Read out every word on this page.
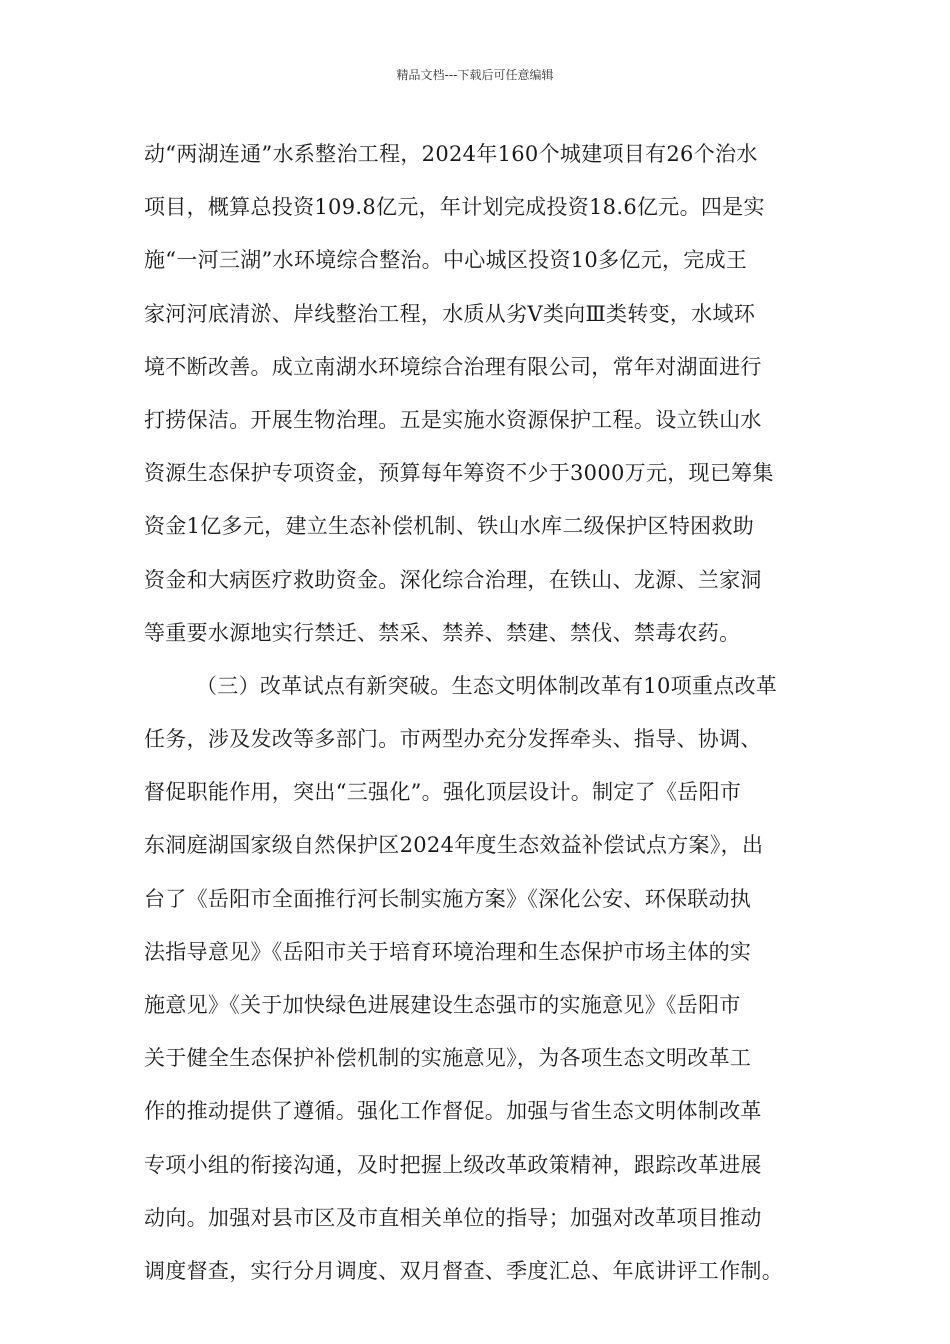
精品文档---下载后可任意编辑
动“两湖连通”水系整治工程，2024年160个城建项目有26个治水
项目，概算总投资109.8亿元，年计划完成投资18.6亿元。四是实
施“一河三湖”水环境综合整治。中心城区投资10多亿元，完成王
家河河底清淤、岸线整治工程，水质从劣Ⅴ类向Ⅲ类转变，水域环
境不断改善。成立南湖水环境综合治理有限公司，常年对湖面进行
打捞保洁。开展生物治理。五是实施水资源保护工程。设立铁山水
资源生态保护专项资金，预算每年筹资不少于3000万元，现已筹集
资金1亿多元，建立生态补偿机制、铁山水库二级保护区特困救助
资金和大病医疗救助资金。深化综合治理，在铁山、龙源、兰家洞
等重要水源地实行禁迁、禁采、禁养、禁建、禁伐、禁毒农药。
（三）改革试点有新突破。生态文明体制改革有10项重点改革
任务，涉及发改等多部门。市两型办充分发挥牵头、指导、协调、
督促职能作用，突出“三强化”。强化顶层设计。制定了《岳阳市
东洞庭湖国家级自然保护区2024年度生态效益补偿试点方案》，出
台了《岳阳市全面推行河长制实施方案》《深化公安、环保联动执
法指导意见》《岳阳市关于培育环境治理和生态保护市场主体的实
施意见》《关于加快绿色进展建设生态强市的实施意见》《岳阳市
关于健全生态保护补偿机制的实施意见》，为各项生态文明改革工
作的推动提供了遵循。强化工作督促。加强与省生态文明体制改革
专项小组的衔接沟通，及时把握上级改革政策精神，跟踪改革进展
动向。加强对县市区及市直相关单位的指导；加强对改革项目推动
调度督查，实行分月调度、双月督查、季度汇总、年底讲评工作制。
